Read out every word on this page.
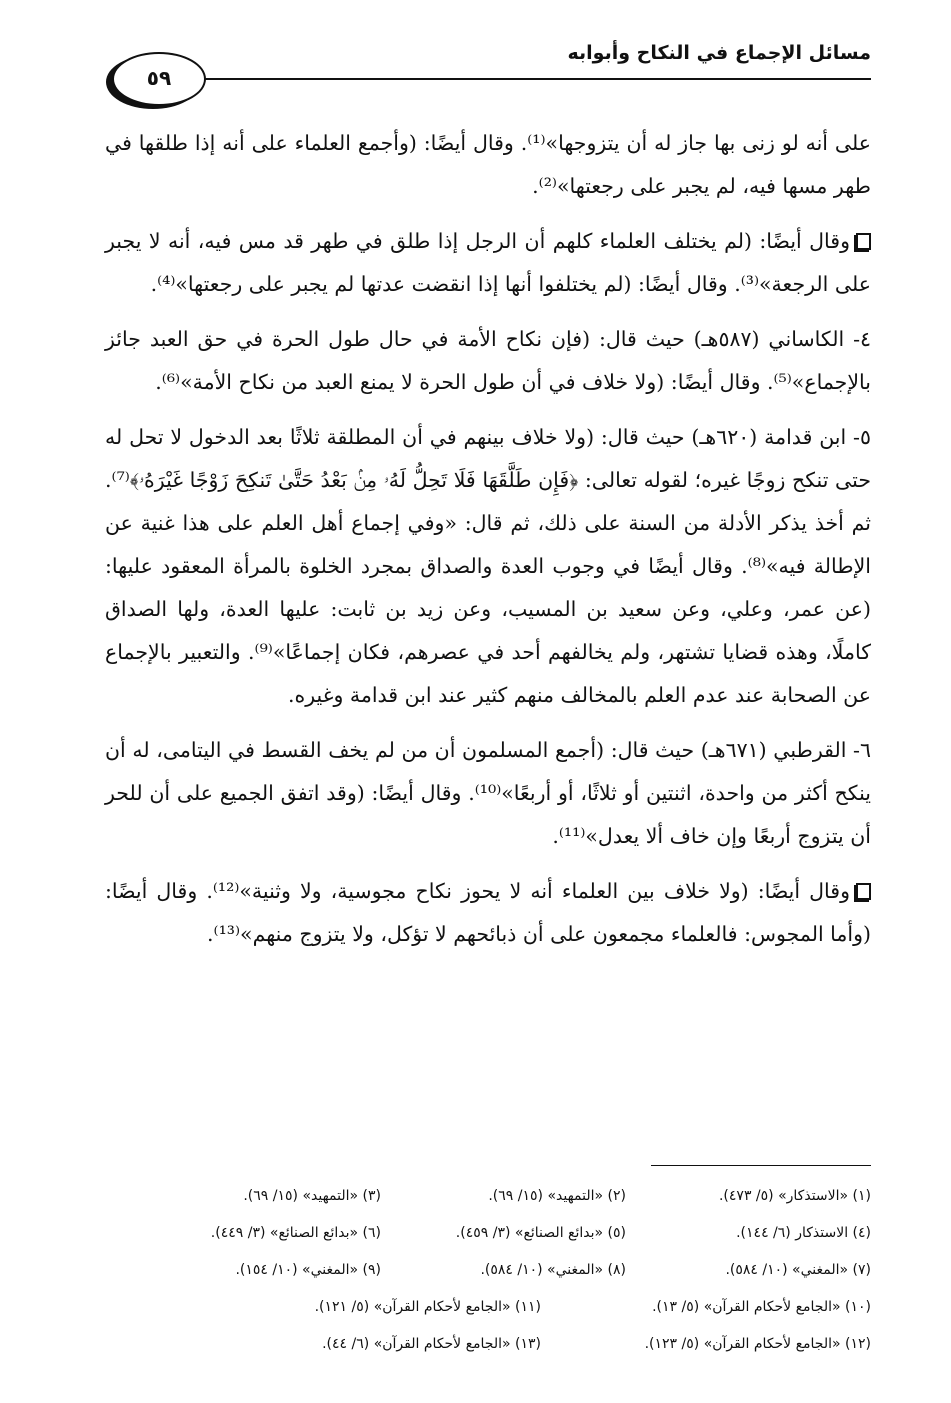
مسائل الإجماع في النكاح وأبوابه
٥٩

على أنه لو زنى بها جاز له أن يتزوجها»⁽¹⁾. وقال أيضًا: (وأجمع العلماء على أنه إذا طلقها في طهر مسها فيه، لم يجبر على رجعتها»⁽²⁾.

وقال أيضًا: (لم يختلف العلماء كلهم أن الرجل إذا طلق في طهر قد مس فيه، أنه لا يجبر على الرجعة»⁽³⁾. وقال أيضًا: (لم يختلفوا أنها إذا انقضت عدتها لم يجبر على رجعتها»⁽⁴⁾.

٤- الكاساني (٥٨٧هـ) حيث قال: (فإن نكاح الأمة في حال طول الحرة في حق العبد جائز بالإجماع»⁽⁵⁾. وقال أيضًا: (ولا خلاف في أن طول الحرة لا يمنع العبد من نكاح الأمة»⁽⁶⁾.

٥- ابن قدامة (٦٢٠هـ) حيث قال: (ولا خلاف بينهم في أن المطلقة ثلاثًا بعد الدخول لا تحل له حتى تنكح زوجًا غيره؛ لقوله تعالى: ﴿فَإِن طَلَّقَهَا فَلَا تَحِلُّ لَهُۥ مِنۢ بَعْدُ حَتَّىٰ تَنكِحَ زَوْجًا غَيْرَهُۥ﴾⁽⁷⁾. ثم أخذ يذكر الأدلة من السنة على ذلك، ثم قال: «وفي إجماع أهل العلم على هذا غنية عن الإطالة فيه»⁽⁸⁾. وقال أيضًا في وجوب العدة والصداق بمجرد الخلوة بالمرأة المعقود عليها: (عن عمر، وعلي، وعن سعيد بن المسيب، وعن زيد بن ثابت: عليها العدة، ولها الصداق كاملًا، وهذه قضايا تشتهر، ولم يخالفهم أحد في عصرهم، فكان إجماعًا»⁽⁹⁾. والتعبير بالإجماع عن الصحابة عند عدم العلم بالمخالف منهم كثير عند ابن قدامة وغيره.

٦- القرطبي (٦٧١هـ) حيث قال: (أجمع المسلمون أن من لم يخف القسط في اليتامى، له أن ينكح أكثر من واحدة، اثنتين أو ثلاثًا، أو أربعًا»⁽¹⁰⁾. وقال أيضًا: (وقد اتفق الجميع على أن للحر أن يتزوج أربعًا وإن خاف ألا يعدل»⁽¹¹⁾.

وقال أيضًا: (ولا خلاف بين العلماء أنه لا يحوز نكاح مجوسية، ولا وثنية»⁽¹²⁾. وقال أيضًا: (وأما المجوس: فالعلماء مجمعون على أن ذبائحهم لا تؤكل، ولا يتزوج منهم»⁽¹³⁾.

(١) «الاستذكار» (٥/ ٤٧٣).
(٢) «التمهيد» (١٥/ ٦٩).
(٣) «التمهيد» (١٥/ ٦٩).
(٤) الاستذكار (٦/ ١٤٤).
(٥) «بدائع الصنائع» (٣/ ٤٥٩).
(٦) «بدائع الصنائع» (٣/ ٤٤٩).
(٧) «المغني» (١٠/ ٥٨٤).
(٨) «المغني» (١٠/ ٥٨٤).
(٩) «المغني» (١٠/ ١٥٤).
(١٠) «الجامع لأحكام القرآن» (٥/ ١٣).
(١١) «الجامع لأحكام القرآن» (٥/ ١٢١).
(١٢) «الجامع لأحكام القرآن» (٥/ ١٢٣).
(١٣) «الجامع لأحكام القرآن» (٦/ ٤٤).
